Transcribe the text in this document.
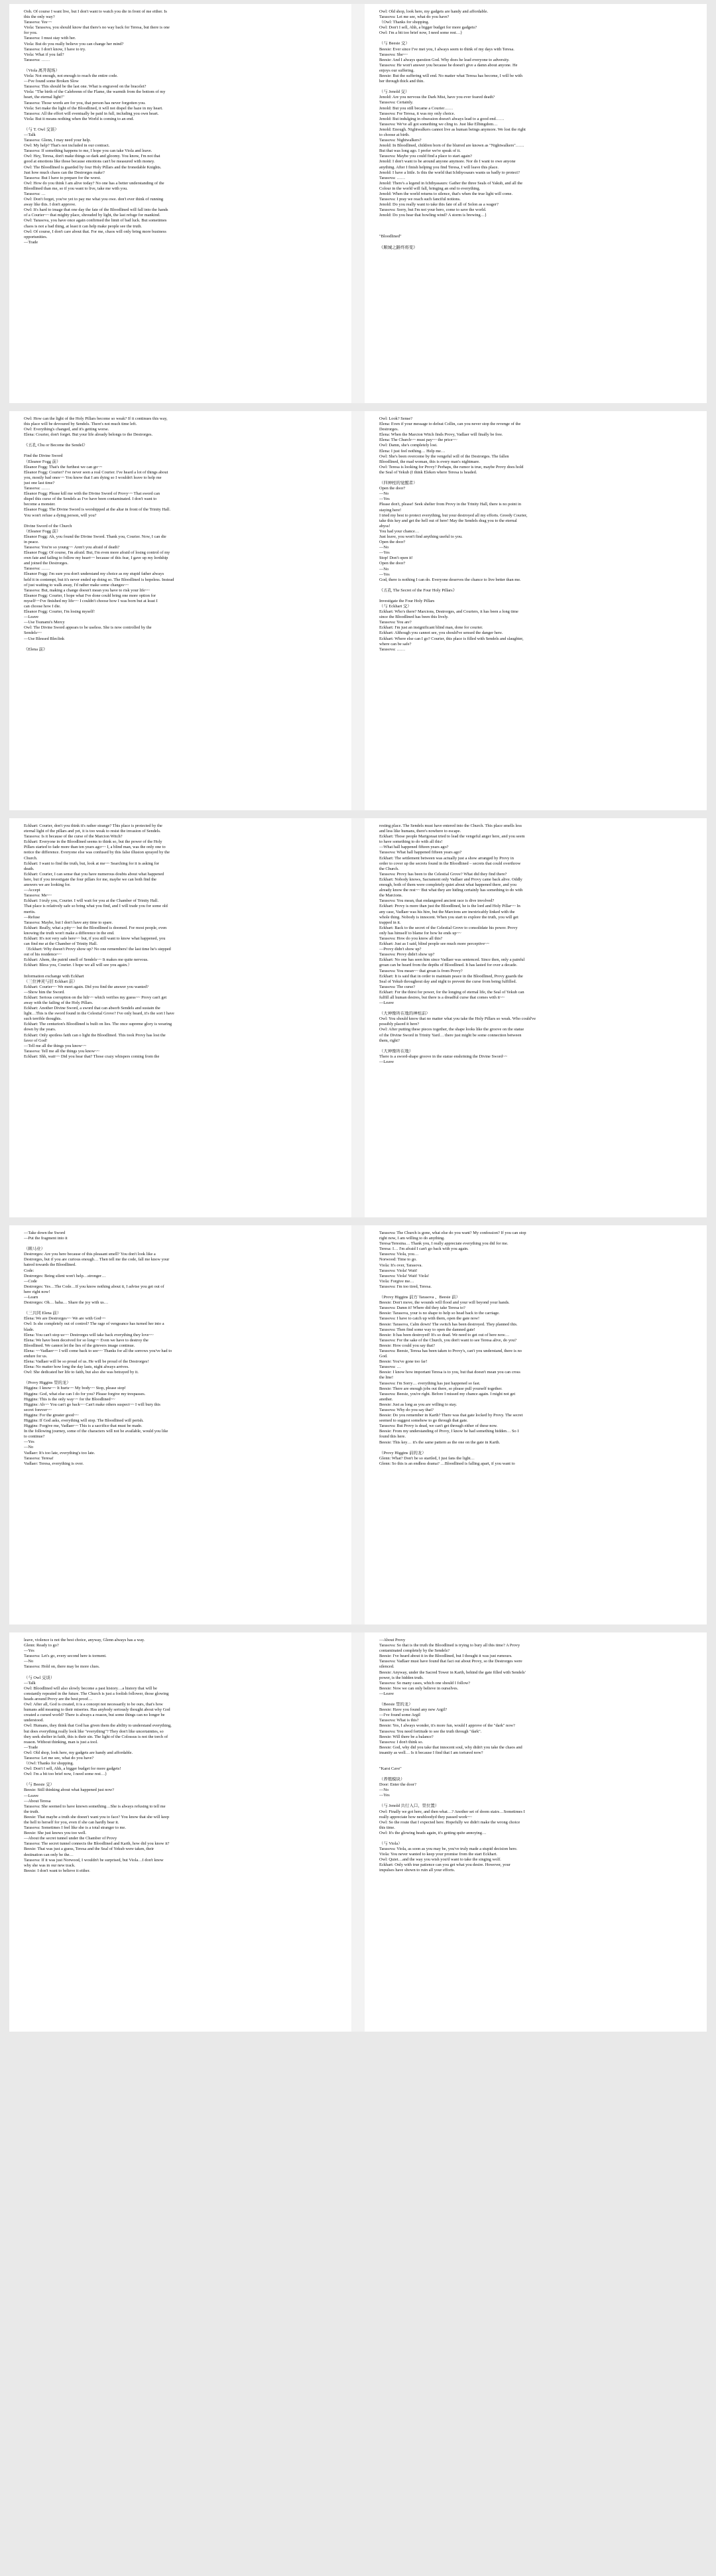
Ooh. Of course I want live, but I don't want to watch you die in front of me either. Is
this the only way?
Tarasova: Yes~~
Viola: Tarasova, you should know that there's no way back for Teresa, but there is one
for you.
Tarasova: I must stay with her.
Viola: But do you really believe you can change her mind?
Tarasova: I don't know, I have to try.
Viola: What if you fail?
Tarasova: ……
（Viola 离开现场）
Viola: Not enough, not enough to reach the entire code.
—Fve found some Broken Slow
Tarasova: This should be the last one. What is engraved on the bracelet?
Viola: "The birth of the Calebrenn of the Flame, the warmth from the bottom of my
heart, the eternal light!"
Tarasova: Those words are for you, that person has never forgotten you.
Viola: Set make the light of the Bloodlined, it will not dispel the haze in my heart.
Tarasova: All the effort will eventually be paid in full, including you own heart.
Viola: But it means nothing when the World is coming to an end.
（与 T. Owl 交谈）
—Talk
Tarasova: Glenn, I may need your help.
Owl: My help? That's not included in our contract.
Tarasova: If something happens to me, I hope you can take Viola and leave.
Owl: Hey, Teresa, don't make things so dark and gloomy. You know, I'm not that
good at emotions like those because emotions can't be measured with money.
Owl: The Bloodlined is guarded by four Holy Pillars and the Ironedable Knights.
Just how much chaos can the Destrorges make?
Tarasova: But I have to prepare for the worst.
Owl: How do you think I am alive today? No one has a better understanding of the
Bloodlined than me, so if you want to live, take me with you.
Tarasova: …
Owl: Don't forget, you've yet to pay me what you owe. don't ever think of running
away like this. I don't approve.
Owl: It's hard to image that one day the fate of the Bloodlined will fall into the hands
of a Courier~~ that mighty place, shrouded by light, the last refuge for mankind.
Owl: Tarasova, you have once again confirmed the limit of bad luck. But sometimes
chaos is not a bad thing, at least it can help make people see the truth.
Owl: Of course, I don't care about that. For me, chaos will only bring more business
opportunities.
—Trade
Owl: Old shop, look here, my gadgets are handy and affordable.
Tarasova: Let me see, what do you have?
（Owl: Thanks for shopping.
Owl: Don't I sell, Ahh, a bigger budget for more gadgets?
Owl: I'm a bit too brief now, I need some rest…}
（与 Beesie 交）
Beesie: Ever since I've met you, I always seem to think of my days with Teresa.
Tarasova: She~~
Beesie: And I always question God. Why does he lead everyone to adversity.
Tarasova: He won't answer you because he doesn't give a damn about anyone. He
enjoys our suffering.
Beesie: But the suffering will end. No matter what Teresa has become, I will be with
her through thick and thin.
（与 Jenold 交）
Jenold: Are you nervous the Dark Mist, have you ever feared death?
Tarasova: Certainly.
Jenold: But you still became a Courier……
Tarasova: For Teresa, it was my only choice.
Jenold: But indulging in obsession doesn't always lead to a good end……
Tarasova: We've all got something we cling to. Just like Elbingdom…
Jenold: Enough. Nightwalkers cannot live as human beings anymore. We lost the right
to choose at birth.
Tarasova: Nightwalkers?
Jenold: In Bloodlined, children born of the blurred are known as "Nightwalkers"……
But that was long ago. I prefer we're speak of it.
Tarasova: Maybe you could find a place to start again?
Jenold: I don't want to be around anyone anymore. Nor do I want to owe anyone
anything. After I finish helping you find Teresa, I will leave this place.
Jenold: I have a little. Is this the world that Ichthyosaurs wants us badly to protect?
Tarasova: ……
Jenold: There's a legend in Ichthyasaurs: Gather the three Seals of Yakub, and all the
Colour in the world will fall, bringing an end to everything.
Jenold: When the world returns to silence, that's when the true light will come.
Tarasova: I pray we reach such fanciful notions.
Jenold: Do you really want to take this fate of all of Solon as a wager?
Tarasova: Sorry, but I'm not your hero, come to save the world.
Jenold: Do you hear that howling wind? A storm is brewing…}
"Bloodlined"
《顺城之路终将变》
Owl: How can the light of the Holy Pillars become so weak? If it continues this way,
this place will be devoured by Sendels. There's not much time left.
Owl: Everything's changed, and it's getting worse.
Elena: Courier, don't forget. But your life already belongs to the Destrorges.
《五孔 Chu or Become the Sendel》
Find the Divine Sword
（Eleanor Fogg 前）
Eleanor Fogg: That's the furthest we can go~~
Eleanor Fogg: Courier? I've never seen a real Courier. I've heard a lot of things about
you, mostly bad ones~~ You know that I am dying so I wouldn't leave to help me
just one last time?
Tarasova: ……
Eleanor Fogg: Please kill me with the Divine Sword of Provy~~ That sword can
dispel this curse of the Sendels as I've have been contaminated. I don't want to
become a monster.
Eleanor Fogg: The Divine Sword is worshipped at the altar in front of the Trinity Hall.
You won't refuse a dying person, will you?
Divine Sword of the Church
（Eleanor Fogg 前）
Eleanor Fogg: Ah, you found the Divine Sword. Thank you, Courier. Now, I can die
in peace.
Tarasova: You're so young~~ Aren't you afraid of death?
Eleanor Fogg: Of course, I'm afraid. But, I'm even more afraid of losing control of my
own fate and failing to follow my heart~~ because of this fear, I gave up my lordship
and joined the Destrorges.
Tarasova: ……
Eleanor Fogg: I'm sure you don't understand my choice as my stupid father always
held it in contempt, but it's never ended up doing so. The Bloodlined is hopeless. Instead
of just waiting to walk away, I'd rather make some changes~~
Tarasova: But, making a change doesn't mean you have to risk your life~~
Eleanor Fogg: Courier, I hope what I've done could bring one more option for
myself~~I've finished my life~~ I couldn't choose how I was born but at least I
can choose how I die.
Eleanor Fogg: Courier, I'm losing myself!
—Leave
—Use Tsunami's Mercy
Owl: The Divine Sword appears to be useless. She is now controlled by the
Sendels~~
—Use Blessed Bleclink
《Elena 前》
Owl: Look? Sense?
Elena: Even if your message to defeat Collin, can you never stop the revenge of the
Destrorges.
Elena: When the Marcion Witch finds Provy, Vadlaer will finally be free.
Elena: The Church~~ must pay~~ the price~~
Owl: Damn, she's completely lost.
Elena: I just feel nothing… Help me…
Owl: She's been overcome by the vengeful will of the Destrorges. The fallen
Bloodlined, the mad woman, this is every man's nightmare.
Owl: Teresa is looking for Provy? Perhaps, the rumor is true, maybe Provy does hold
the Seal of Yekub (I think Eleken where Teresa is headed.
（四神柱的觉醒者）
Open the door?
—No
—Yes
Please don't, please! Seek shelter from Provy in the Trinity Hall, there is no point in
staying here!
I tried my best to protect everything, but your destroyed all my efforts. Greedy Courier,
take this key and get the hell out of here! May the Sendels drag you to the eternal
abyss!
You had your chance…
Just leave, you won't find anything useful to you.
Open the door?
—No
—Yes
Stop! Don't open it!
Open the door?
—No
—Yes
God, there is nothing I can do. Everyone deserves the chance to live better than me.
《五孔 The Secret of the Four Holy Pillars》
Investigate the Four Holy Pillars
（与 Eckhart 交）
Eckhart: Who's there? Marcions, Destrorges, and Couriers, it has been a long time
since the Bloodlined has been this lively.
Tarasova: You are?
Eckhart: I'm just an insignificant blind man, done for courier.
Eckhart: Although you cannot see, you should've sensed the danger here.
Eckhart: Where else can I go? Courier, this place is filled with Sendels and slaughter,
where can be safe?
Tarasova: ……
Eckhart: Courier, don't you think it's rather strange? This place is protected by the
eternal light of the pillars and yet, it is too weak to resist the invasion of Sendels.
Tarasova: Is it because of the curse of the Marcion Witch?
Eckhart: Everyone in the Bloodlined seems to think so, but the power of the Holy
Pillars started to fade more than ten years ago~~ I, a blind man, was the only one to
notice the difference. Everyone else was confused by this false illusion sprayed by the
Church.
Eckhart: I want to find the truth, but, look at me~~ Searching for it is asking for
death.
Eckhart: Courier, I can sense that you have numerous doubts about what happened
here, but if you investigate the four pillars for me, maybe we can both find the
answers we are looking for.
—Accept
Tarasova: Me~~
Eckhart: I truly you, Courier. I will wait for you at the Chamber of Trinity Hall.
That place is relatively safe so bring what you find, and I will trade you for some old
merits.
—Refuse
Tarasova: Maybe, but I don't have any time to spare.
Eckhart: Really, what a pity~~ but the Bloodlined is doomed. For most people, even
knowing the truth won't make a difference in the end.
Eckhart: It's not very safe here~~ but, if you still want to know what happened, you
can find me at the Chamber of Trinity Hall.
（Eckhart: Why doesn't Provy show up? No one remembers! the last time he's stepped
out of his residence~~
Eckhart: Ahem, the putrid smell of Sendels~~ It makes me quite nervous.
Eckhart: Bless you, Courier. I hope we all will see you again.）
Information exchange with Eckhart
（三位神灵与旧 Eckhart 前）
Eckhart: Courier~~ We meet again. Did you find the answer you wanted?
—Show him the Sword.
Eckhart: Serious corruption on the hilt~~ which verifies my guess~~ Provy can't get
away with the failing of the Holy Pillars.
Eckhart: Another Divine Sword, a sword that can absorb Sendels and sustain the
light…This is the sword found in the Celestial Grove? I've only heard, it's the sort I have
such terrible thoughts.
Eckhart: The centurion's Bloodlined is built on lies. The once supreme glory is wearing
down by the years.
Eckhart: Only spotless faith can o light the Bloodlined. This took Provy has lost the
favor of God!
—Tell me all the things you know~~
Tarasova: Tell me all the things you know~~
Eckhart: Shh, wait~~ Did you hear that? Those crazy whispers coming from the
resting place. The Sendels must have entered into the Church. This place smells less
and less like humans, there's nowhere to escape.
Eckhart: Those people Marigoraat tried to lead the vengeful anger here, and you seem
to have something to do with all this!
—What hall happened fifteen years ago?
Tarasova: What hall happened fifteen years ago?
Eckhart: The settlement between was actually just a show arranged by Provy in
order to cover up the secrets found in the Bloodlined – secrets that could overthrow
the Church.
Tarasova: Provy has been to the Celestial Grove? What did they find there?
Eckhart: Nobody knows, Sacrament only Vadlaer and Provy came back alive. Oddly
enough, both of them were completely quiet about what happened there, and you
already know the rest~~ But what they are hiding certainly has something to do with
the Marcions.
Tarasova: You mean, that endangered ancient race is dive involved?
Eckhart: Provy is more than just the Bloodlined, he is the lord and Holy Pillar~~ In
any case, Vadlaer was his hire, but the Marcions are inextricably linked with the
whole thing. Nobody is innocent. When you start to explore the truth, you will get
trapped in it.
Eckhart: Back to the secret of the Celestial Grove to consolidate his power. Provy
only has himself to blame for how he ends up~~
Tarasova: How do you know all this?
Eckhart: Just as I said, blind people see much more perceptive~~
—Provy didn't show up?
Tarasova: Provy didn't show up?
Eckhart: No one has seen him since Vadlaer was sentenced. Since then, only a painful
groan can be heard from the depths of Bloodlined. It has lasted for over a decade.
Tarasova: You mean~~ that groan is from Provy?
Eckhart: It is said that in order to maintain peace in the Bloodlined, Provy guards the
Seal of Yekub throughout day and night to prevent the curse from being fulfilled.
Tarasova: The curse?
Eckhart: For the thirst for power, for the longing of eternal life, the Seal of Yekub can
fulfill all human desires, but there is a dreadful curse that comes with it~~
—Leave
（大神像所在地的神柱前）
Owl: You should know that no matter what you take the Holy Pillars so weak. Who could've
possibly placed it here?
Owl: After putting these pieces together, the shape looks like the groove on the statue
of the Divine Sword in Trinity Yard… there just might be some connection between
them, right?
（大神像所在地）
There is a sword-shape groove in the statue enshrining the Divine Sword~~
—Leave
—Take down the Sword
—Put the fragment into it
（顾马业）
Destrorges: Are you here because of this pleasant smell? You don't look like a
Destrorges, but if you are curious enough… Then tell me the code, fall me know your
hatred towards the Bloodlined.
Code:
Destrorges: Being silent won't help…stronger…
—Code
Destrorges: Yes…The Code…If you know nothing about it, I advise you get out of
here right now!
—Learn
Destrorges: Oh… haha… Share the joy with us…
（三共同 Elena 前）
Elena: We are Destrorges~~ We are with God~~
Owl: Is she completely out of control? The rage of vengeance has turned her into a
blade.
Elena: You can't stop us~~ Destrorges will take back everything they love~~
Elena: We have been deceived for so long~~ Even we have to destroy the
Bloodlined. We cannot let the lies of the grievers image continue.
Elena: ~~Vadlaer~~ I will come back to see~~ Thanks for all the sorrows you've had to
endure for us.
Elena: Vadlaer will be so proud of us. He will be proud of the Destrorges!
Elena: No matter how long the day lasts, night always arrives.
Owl: She dedicated her life to faith, but also she was betrayed by it.
（Provy Higgins 里的龙）
Higgins: I know~~ It hurts~~ My body~~ Stop, please stop!
Higgins: God, what else can I do for you? Please forgive my trespasses.
Higgins: This is the only way~~ for the Bloodlined~~
Higgins: Ah~~ You can't go back~~ Can't make others suspect~~ I will bury this
secret forever~~
Higgins: For the greater good~~
Higgins: If God asks, everything will stop. The Bloodlined will perish.
Higgins: Forgive me, Vadlaer~~ This is a sacrifice that must be made.
In the following journey, some of the characters will not be available, would you like
to continue?
—Yes
—No
Vadlaer: It's too late, everything's too late.
Tarasova: Teresa!
Vadlaer: Teresa, everything is over.
Tarasova: The Church is gone, what else do you want? My confession? If you can stop
right now, I am willing to do anything.
Teresa/Teresina… Thank you, I really appreciate everything you did for me.
Teresa: I… I'm afraid I can't go back with you again.
Tarasova: Viola, you…
Norwood: Time to go.
Viola: It's over, Tarasova.
Tarasova: Viola! Wait!
Tarasova: Viola! Wait! Viola!
Viola: Forgive me…
Tarasova: I'm too tired, Teresa.
（Provy Higgins 前方 Tarasova 、Beesie 前）
Beesie: Don't move, the wounds will flood and your will beyond your hands.
Tarasova: Damn it! Where did they take Teresa to?
Beesie: Tarasova, your is no shape to help so head back to the carriage.
Tarasova: I have to catch up with them, open the gate now!
Beesie: Tarasova, Calm down! The switch has been destroyed. They planned this.
Tarasova: Then find some way to open the damned gate!
Beesie: It has been destroyed! It's so dead. We need to get out of here now…
Tarasova: For the sake of the Church, you don't want to see Teresa alive, do you?
Beesie: How could you say that?
Tarasova: Beesie, Teresa has been taken to Provy's, can't you understand, there is no
God.
Beesie: You've gone too far!
Tarasova: …
Beesie: I know how important Teresa is to you, but that doesn't mean you can cross
the line!
Tarasova: I'm Sorry… everything has just happened so fast.
Beesie: There are enough jobs out there, so please pull yourself together.
Tarasova: Beesie, you're right. Before I missed my chance again. I might not get
another.
Beesie: Just as long as you are willing to stay.
Tarasova: Why do you say that?
Beesie: Do you remember in Karth? There was that gate locked by Provy. The secret
seemed to suggest somehow to go through that gate.
Tarasova: But Provy is dead, we can't get through either of these now.
Beesie: From my understanding of Provy, I know he had something hidden… So I
found this here.
Beesie: This key… it's the same pattern as the one on the gate in Karth.
（Provy Higgins 前的龙）
Glenn: What? Don't be so startled, I just fans the light…
Glenn: So this is an endless drama? …Bloodlined is falling apart, if you want to
leave, violence is not the best choice, anyway, Glenn always has a way.
Glenn: Ready to go?
—Yes
Tarasova: Let's go, every second here is torment.
—No
Tarasova: Hold on, there may be more clues.
（与 Owl 交谈）
—Talk
Owl: Bloodlined will also slowly become a past history…a history that will be
constantly repeated in the future. The Church is just a foolish follower, those glowing
heads around Provy are the best proof…
Owl: After all, God is created, it is a concept not necessarily to be ours, that's how
humans add meaning to their miseries. Has anybody seriously thought about why God
created a cursed world? There is always a reason, but some things can no longer be
understood.
Owl: Humans, they think that God has given them the ability to understand everything,
but does everything really look like "everything"? They don't like uncertainties, so
they seek shelter in faith, this is their sin. The light of the Colossus is not the torch of
reason. Without thinking, man is just a tool.
—Trade
Owl: Old shop, look here, my gadgets are handy and affordable.
Tarasova: Let me see, what do you have?
（Owl: Thanks for shopping.
Owl: Don't I sell, Ahh, a bigger budget for more gadgets!
Owl: I'm a bit too brief now, I need some rest…}
（与 Beesie 交）
Beesie: Still thinking about what happened just now?
—Leave
—About Teresa
Tarasova: She seemed to have known something…She is always refusing to tell me
the truth.
Beesie: That maybe a truth she doesn't want you to face? You know that she will keep
the hell to herself for you, even if she can hardly bear it.
Tarasova: Sometimes I feel like she is a total stranger to me.
Beesie: She just knows you too well.
—About the secret tunnel under the Chamber of Provy
Tarasova: The secret tunnel connects the Bloodlined and Karth, how did you know it?
Beesie: That was just a guess, Teresa and the Seal of Yekub were taken, their
destination can only be the…
Tarasova: If it was just Norwood, I wouldn't be surprised, but Viola…I don't know
why she was in our new track.
Beesie: I don't want to believe it either.
—About Provy
Tarasova: So that is the truth the Bloodlined is trying to bury all this time? A Provy
contaminated completely by the Sendels?
Beesie: I've heard about it in the Bloodlined, but I thought it was just rumours.
Tarasova: Vadlaer must have found that fact out about Provy, so the Destrorges were
silenced.
Beesie: Anyway, under the Sacred Tower in Karth, behind the gate filled with Sendels'
power, is the hidden truth.
Tarasova: So many cases, which one should I follow?
Beesie: Now we can only believe in ourselves.
—Leave
（Beesie 里的龙）
Beesie: Have you found any new Argil?
—I've found some Argil
Tarasova: What is this?
Beesie: Yes, I always wonder, it's more fun, would I approve of the "dark" now?
Tarasova: You need fortitude to see the truth through "dark".
Beesie: Will there be a balance?
Tarasova: I don't think so.
Beesie: God, why did you take that innocent soul, why didn't you take the chaos and
insanity as well… Is it because I find that I am tortured now?
"Karst Cave"
（养殖模块）
Door: Enter the door?
—No
—Yes
（与 Jenold 共行入口、里位置）
Owl: Finally we got here, and then what…? Another set of doom stairs…Sometimes I
really appreciate how neubloodyd they passed work~~
Owl: So the route that I expected here. Hopefully we didn't make the wrong choice
this time.
Owl: It's the glowing heads again, it's getting quite annoying…
（与 Viola）
Tarasova: Viola, as soon as you may be, you've truly made a stupid decision here.
Viola: You never wanted to keep your promise from the start Eckhart.
Owl: Quiet…and the way you wish you'd want to take the singing wolf.
Eckhart: Only with true patience can you get what you desire. However, your
impulses have shown to ruin all your efforts.
